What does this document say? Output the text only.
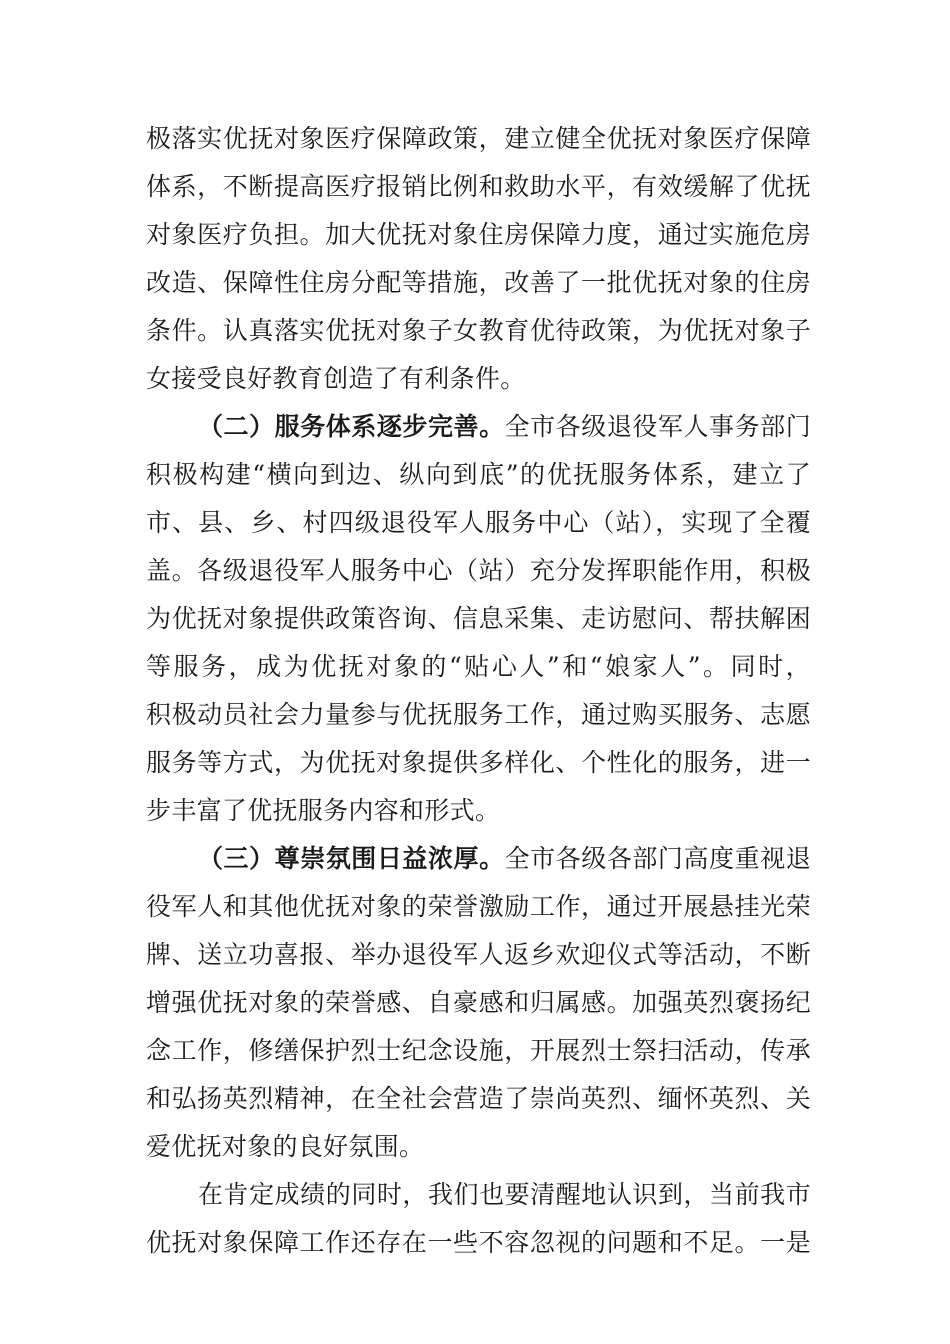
极落实优抚对象医疗保障政策，建立健全优抚对象医疗保障
体系，不断提高医疗报销比例和救助水平，有效缓解了优抚
对象医疗负担。加大优抚对象住房保障力度，通过实施危房
改造、保障性住房分配等措施，改善了一批优抚对象的住房
条件。认真落实优抚对象子女教育优待政策，为优抚对象子
女接受良好教育创造了有利条件。
（二）服务体系逐步完善。全市各级退役军人事务部门
积极构建“横向到边、纵向到底”的优抚服务体系，建立了
市、县、乡、村四级退役军人服务中心（站），实现了全覆
盖。各级退役军人服务中心（站）充分发挥职能作用，积极
为优抚对象提供政策咨询、信息采集、走访慰问、帮扶解困
等服务，成为优抚对象的“贴心人”和“娘家人”。同时，
积极动员社会力量参与优抚服务工作，通过购买服务、志愿
服务等方式，为优抚对象提供多样化、个性化的服务，进一
步丰富了优抚服务内容和形式。
（三）尊崇氛围日益浓厚。全市各级各部门高度重视退
役军人和其他优抚对象的荣誉激励工作，通过开展悬挂光荣
牌、送立功喜报、举办退役军人返乡欢迎仪式等活动，不断
增强优抚对象的荣誉感、自豪感和归属感。加强英烈褒扬纪
念工作，修缮保护烈士纪念设施，开展烈士祭扫活动，传承
和弘扬英烈精神，在全社会营造了崇尚英烈、缅怀英烈、关
爱优抚对象的良好氛围。
在肯定成绩的同时，我们也要清醒地认识到，当前我市
优抚对象保障工作还存在一些不容忽视的问题和不足。一是
